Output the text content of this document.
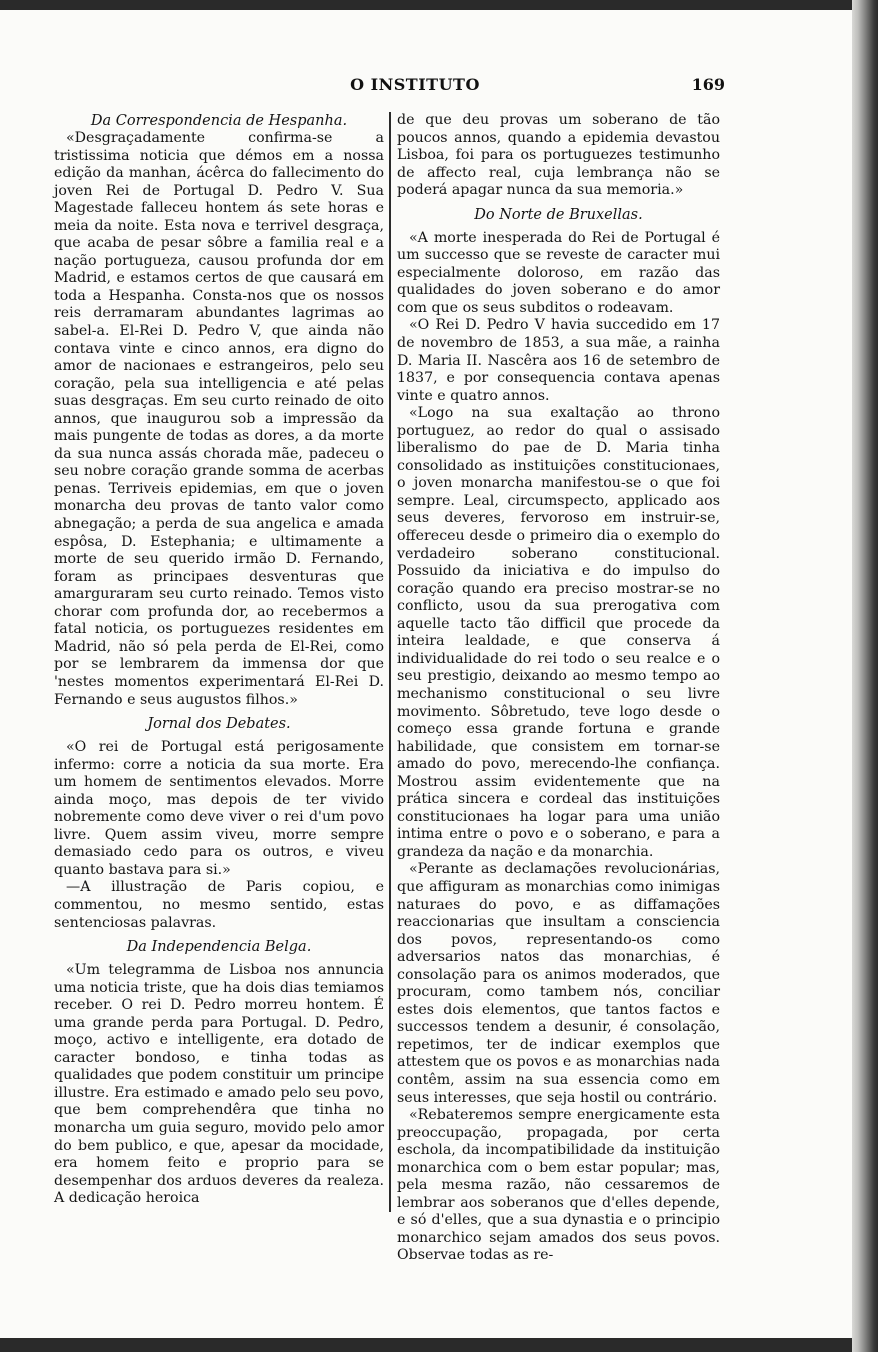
O INSTITUTO	169
Da Correspondencia de Hespanha.

«Desgraçadamente confirma-se a tristissima noticia que démos em a nossa edição da manhan, ácêrca do fallecimento do joven Rei de Portugal D. Pedro V. Sua Magestade falleceu hontem ás sete horas e meia da noite. Esta nova e terrivel desgraça, que acaba de pesar sôbre a familia real e a nação portugueza, causou profunda dor em Madrid, e estamos certos de que causará em toda a Hespanha. Consta-nos que os nossos reis derramaram abundantes lagrimas ao sabel-a. El-Rei D. Pedro V, que ainda não contava vinte e cinco annos, era digno do amor de nacionaes e estrangeiros, pelo seu coração, pela sua intelligencia e até pelas suas desgraças. Em seu curto reinado de oito annos, que inaugurou sob a impressão da mais pungente de todas as dores, a da morte da sua nunca assás chorada mãe, padeceu o seu nobre coração grande somma de acerbas penas. Terriveis epidemias, em que o joven monarcha deu provas de tanto valor como abnegação; a perda de sua angelica e amada espôsa, D. Estephania; e ultimamente a morte de seu querido irmão D. Fernando, foram as principaes desventuras que amarguraram seu curto reinado. Temos visto chorar com profunda dor, ao recebermos a fatal noticia, os portuguezes residentes em Madrid, não só pela perda de El-Rei, como por se lembrarem da immensa dor que 'nestes momentos experimentará El-Rei D. Fernando e seus augustos filhos.»

Jornal dos Debates.

«O rei de Portugal está perigosamente infermo: corre a noticia da sua morte. Era um homem de sentimentos elevados. Morre ainda moço, mas depois de ter vivido nobremente como deve viver o rei d'um povo livre. Quem assim viveu, morre sempre demasiado cedo para os outros, e viveu quanto bastava para si.»

—A illustração de Paris copiou, e commentou, no mesmo sentido, estas sentenciosas palavras.

Da Independencia Belga.

«Um telegramma de Lisboa nos annuncia uma noticia triste, que ha dois dias temiamos receber. O rei D. Pedro morreu hontem. É uma grande perda para Portugal. D. Pedro, moço, activo e intelligente, era dotado de caracter bondoso, e tinha todas as qualidades que podem constituir um principe illustre. Era estimado e amado pelo seu povo, que bem comprehendêra que tinha no monarcha um guia seguro, movido pelo amor do bem publico, e que, apesar da mocidade, era homem feito e proprio para se desempenhar dos arduos deveres da realeza. A dedicação heroica

de que deu provas um soberano de tão poucos annos, quando a epidemia devastou Lisboa, foi para os portuguezes testimunho de affecto real, cuja lembrança não se poderá apagar nunca da sua memoria.»

Do Norte de Bruxellas.

«A morte inesperada do Rei de Portugal é um successo que se reveste de caracter mui especialmente doloroso, em razão das qualidades do joven soberano e do amor com que os seus subditos o rodeavam.

«O Rei D. Pedro V havia succedido em 17 de novembro de 1853, a sua mãe, a rainha D. Maria II. Nascêra aos 16 de setembro de 1837, e por consequencia contava apenas vinte e quatro annos.

«Logo na sua exaltação ao throno portuguez, ao redor do qual o assisado liberalismo do pae de D. Maria tinha consolidado as instituições constitucionaes, o joven monarcha manifestou-se o que foi sempre. Leal, circumspecto, applicado aos seus deveres, fervoroso em instruir-se, offereceu desde o primeiro dia o exemplo do verdadeiro soberano constitucional. Possuido da iniciativa e do impulso do coração quando era preciso mostrar-se no conflicto, usou da sua prerogativa com aquelle tacto tão difficil que procede da inteira lealdade, e que conserva á individualidade do rei todo o seu realce e o seu prestigio, deixando ao mesmo tempo ao mechanismo constitucional o seu livre movimento. Sôbretudo, teve logo desde o começo essa grande fortuna e grande habilidade, que consistem em tornar-se amado do povo, merecendo-lhe confiança. Mostrou assim evidentemente que na prática sincera e cordeal das instituições constitucionaes ha logar para uma união intima entre o povo e o soberano, e para a grandeza da nação e da monarchia.

«Perante as declamações revolucionárias, que affiguram as monarchias como inimigas naturaes do povo, e as diffamações reaccionarias que insultam a consciencia dos povos, representando-os como adversarios natos das monarchias, é consolação para os animos moderados, que procuram, como tambem nós, conciliar estes dois elementos, que tantos factos e successos tendem a desunir, é consolação, repetimos, ter de indicar exemplos que attestem que os povos e as monarchias nada contêm, assim na sua essencia como em seus interesses, que seja hostil ou contrário.

«Rebateremos sempre energicamente esta preoccupação, propagada, por certa eschola, da incompatibilidade da instituição monarchica com o bem estar popular; mas, pela mesma razão, não cessaremos de lembrar aos soberanos que d'elles depende, e só d'elles, que a sua dynastia e o principio monarchico sejam amados dos seus povos. Observae todas as re-
